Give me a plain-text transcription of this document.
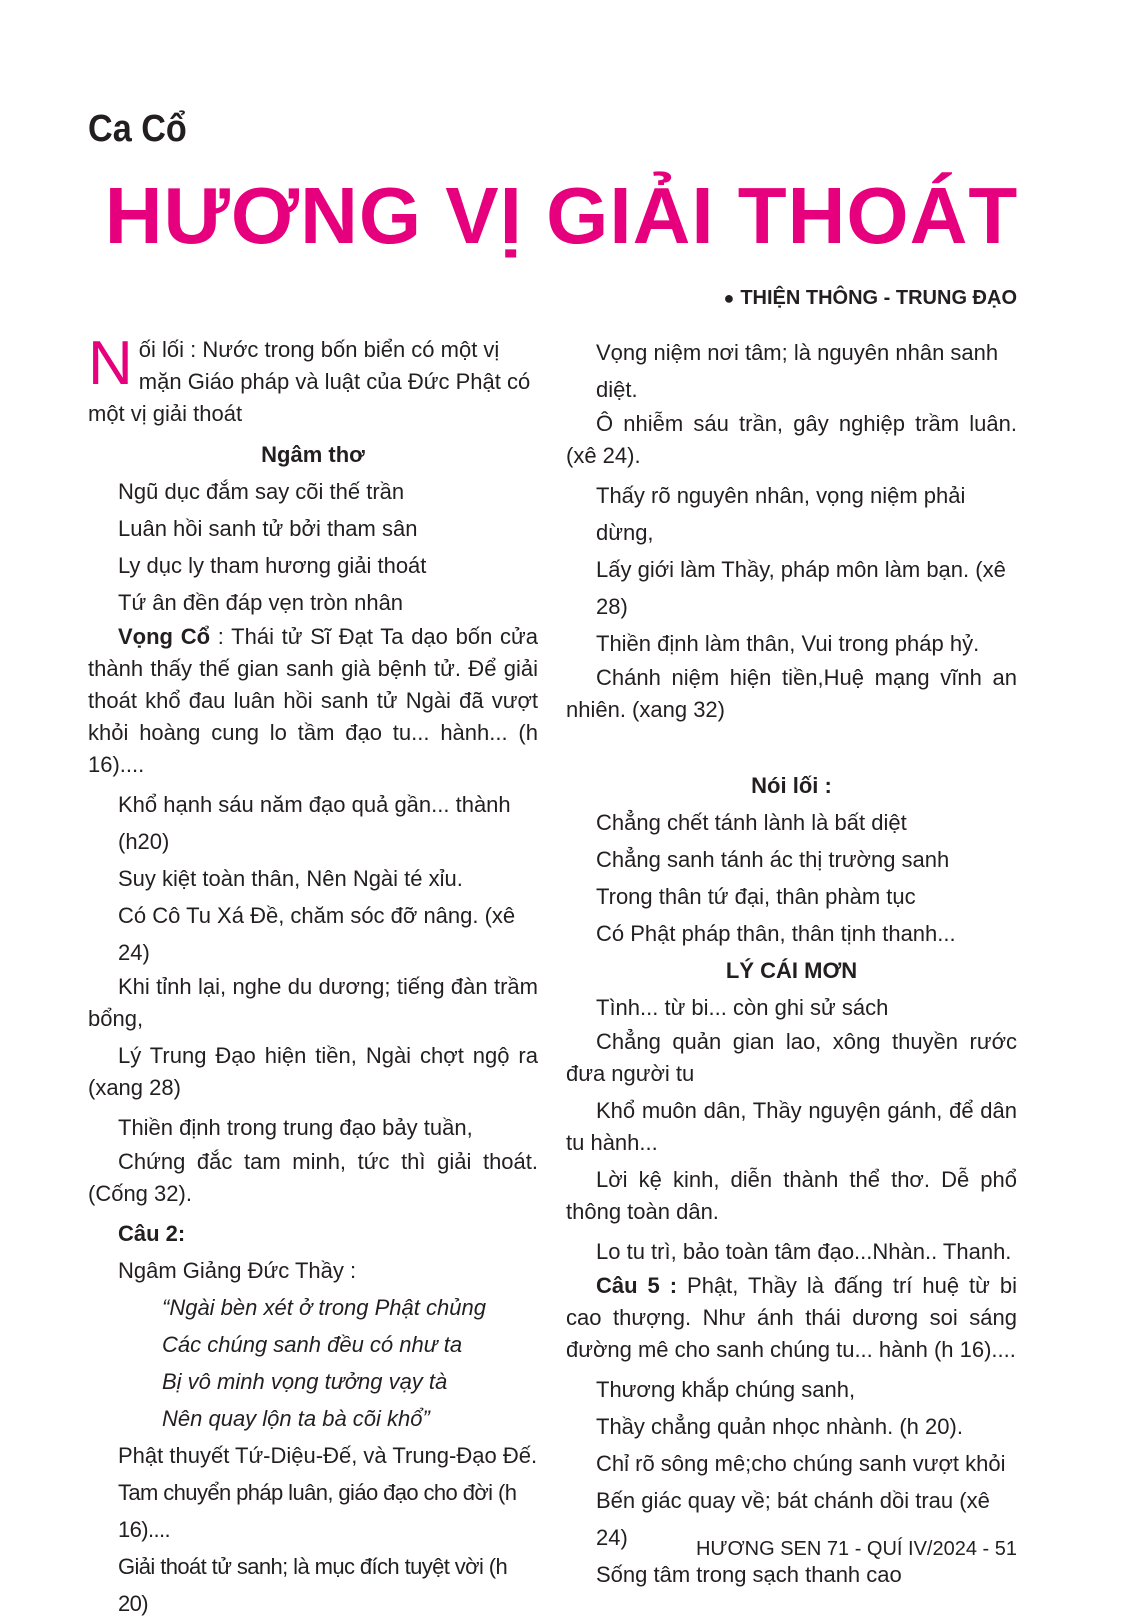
Ca Cổ
HƯƠNG VỊ GIẢI THOÁT
● THIỆN THÔNG - TRUNG ĐẠO

Nối lối : Nước trong bốn biển có một vị mặn Giáo pháp và luật của Đức Phật có một vị giải thoát

Ngâm thơ

Ngũ dục đắm say cõi thế trần

Luân hồi sanh tử bởi tham sân

Ly dục ly tham hương giải thoát

Tứ ân đền đáp vẹn tròn nhân

Vọng Cổ : Thái tử Sĩ Đạt Ta dạo bốn cửa thành thấy thế gian sanh già bệnh tử. Để giải thoát khổ đau luân hồi sanh tử Ngài đã vượt khỏi hoàng cung lo tầm đạo tu... hành... (h 16)....

Khổ hạnh sáu năm đạo quả gần... thành (h20)

Suy kiệt toàn thân, Nên Ngài té xỉu.

Có Cô Tu Xá Đề, chăm sóc đỡ nâng. (xê 24)

Khi tỉnh lại, nghe du dương; tiếng đàn trầm bổng,

Lý Trung Đạo hiện tiền, Ngài chợt ngộ ra (xang 28)

Thiền định trong trung đạo bảy tuần,

Chứng đắc tam minh, tức thì giải thoát. (Cống 32).

Câu 2:

Ngâm Giảng Đức Thầy :

“Ngài bèn xét ở trong Phật chủng

Các chúng sanh đều có như ta

Bị vô minh vọng tưởng vạy tà

Nên quay lộn ta bà cõi khổ”

Phật thuyết Tứ-Diệu-Đế, và Trung-Đạo Đế.

Tam chuyển pháp luân, giáo đạo cho đời (h 16)....

Giải thoát tử sanh; là mục đích tuyệt vời (h 20)

Vọng niệm nơi tâm; là nguyên nhân sanh diệt.

Ô nhiễm sáu trần, gây nghiệp trầm luân. (xê 24).

Thấy rõ nguyên nhân, vọng niệm phải dừng,

Lấy giới làm Thầy, pháp môn làm bạn. (xê 28)

Thiền định làm thân, Vui trong pháp hỷ.

Chánh niệm hiện tiền,Huệ mạng vĩnh an nhiên. (xang 32)

Nói lối :

Chẳng chết tánh lành là bất diệt

Chẳng sanh tánh ác thị trường sanh

Trong thân tứ đại, thân phàm tục

Có Phật pháp thân, thân tịnh thanh...

LÝ CÁI MƠN

Tình... từ bi... còn ghi sử sách

Chẳng quản gian lao, xông thuyền rước đưa người tu

Khổ muôn dân, Thầy nguyện gánh, để dân tu hành...

Lời kệ kinh, diễn thành thể thơ. Dễ phổ thông toàn dân.

Lo tu trì, bảo toàn tâm đạo...Nhàn.. Thanh.

Câu 5 : Phật, Thầy là đấng trí huệ từ bi cao thượng. Như ánh thái dương soi sáng đường mê cho sanh chúng tu... hành (h 16)....

Thương khắp chúng sanh,

Thầy chẳng quản nhọc nhành. (h 20).

Chỉ rõ sông mê;cho chúng sanh vượt khỏi

Bến giác quay về; bát chánh dồi trau (xê 24)

Sống tâm trong sạch thanh cao

HƯƠNG SEN 71 - QUÍ IV/2024 - 51
